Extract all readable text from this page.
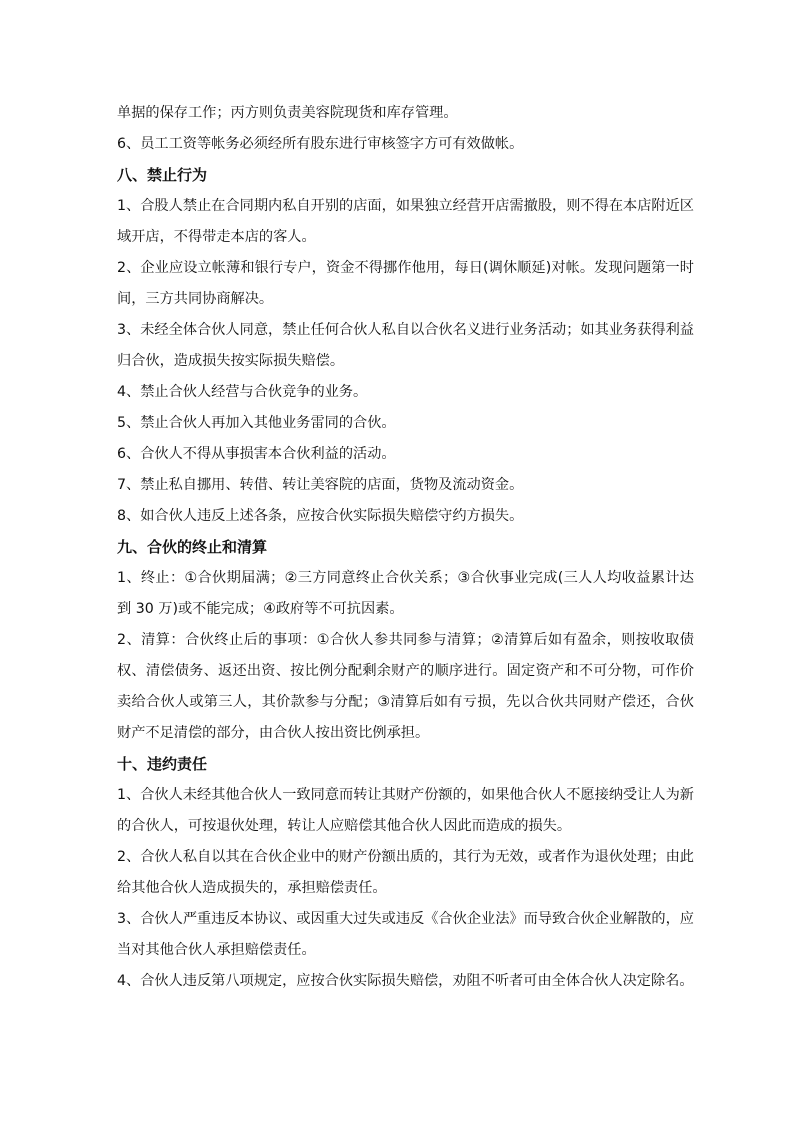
单据的保存工作；丙方则负责美容院现货和库存管理。

6、员工工资等帐务必须经所有股东进行审核签字方可有效做帐。

八、禁止行为

1、合股人禁止在合同期内私自开别的店面，如果独立经营开店需撤股，则不得在本店附近区域开店，不得带走本店的客人。

2、企业应设立帐薄和银行专户，资金不得挪作他用，每日(调休顺延)对帐。发现问题第一时间，三方共同协商解决。

3、未经全体合伙人同意，禁止任何合伙人私自以合伙名义进行业务活动；如其业务获得利益归合伙，造成损失按实际损失赔偿。

4、禁止合伙人经营与合伙竞争的业务。

5、禁止合伙人再加入其他业务雷同的合伙。

6、合伙人不得从事损害本合伙利益的活动。

7、禁止私自挪用、转借、转让美容院的店面，货物及流动资金。

8、如合伙人违反上述各条，应按合伙实际损失赔偿守约方损失。

九、合伙的终止和清算

1、终止：①合伙期届满；②三方同意终止合伙关系；③合伙事业完成(三人人均收益累计达到 30 万)或不能完成；④政府等不可抗因素。

2、清算：合伙终止后的事项：①合伙人参共同参与清算；②清算后如有盈余，则按收取债权、清偿债务、返还出资、按比例分配剩余财产的顺序进行。固定资产和不可分物，可作价卖给合伙人或第三人，其价款参与分配；③清算后如有亏损，先以合伙共同财产偿还，合伙财产不足清偿的部分，由合伙人按出资比例承担。

十、违约责任

1、合伙人未经其他合伙人一致同意而转让其财产份额的，如果他合伙人不愿接纳受让人为新的合伙人，可按退伙处理，转让人应赔偿其他合伙人因此而造成的损失。

2、合伙人私自以其在合伙企业中的财产份额出质的，其行为无效，或者作为退伙处理；由此给其他合伙人造成损失的，承担赔偿责任。

3、合伙人严重违反本协议、或因重大过失或违反《合伙企业法》而导致合伙企业解散的，应当对其他合伙人承担赔偿责任。

4、合伙人违反第八项规定，应按合伙实际损失赔偿，劝阻不听者可由全体合伙人决定除名。
